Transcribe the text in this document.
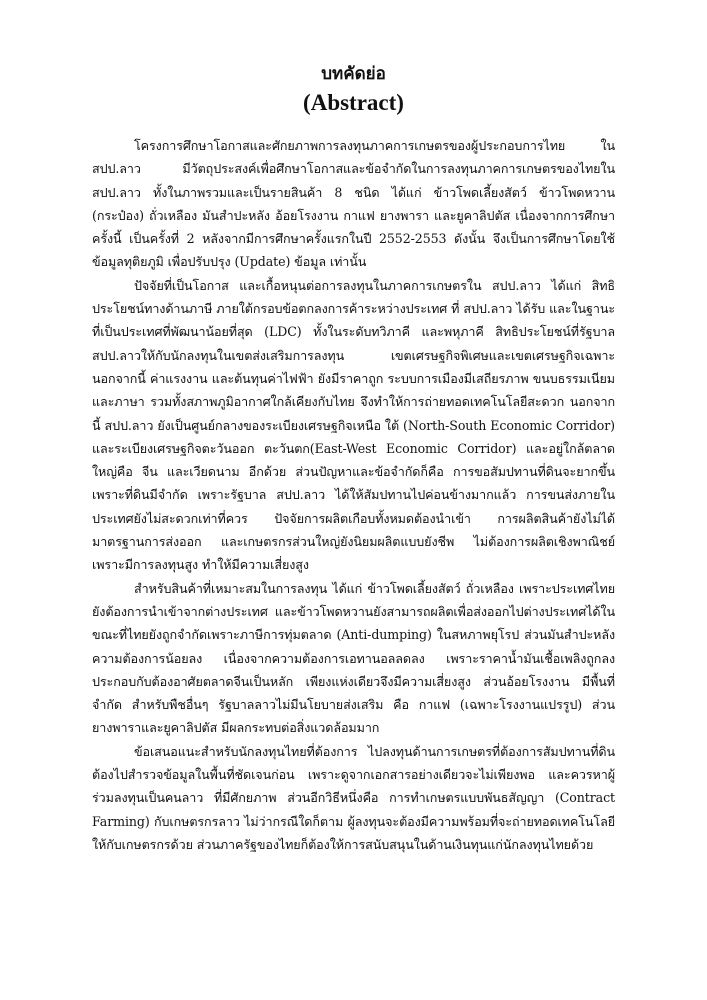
บทคัดย่อ
(Abstract)

โครงการศึกษาโอกาสและศักยภาพการลงทุนภาคการเกษตรของผู้ประกอบการไทย ในสปป.ลาว มีวัตถุประสงค์เพื่อศึกษาโอกาสและข้อจำกัดในการลงทุนภาคการเกษตรของไทยใน สปป.ลาว ทั้งในภาพรวมและเป็นรายสินค้า 8 ชนิด ได้แก่ ข้าวโพดเลี้ยงสัตว์ ข้าวโพดหวาน (กระป๋อง) ถั่วเหลือง มันสำปะหลัง อ้อยโรงงาน กาแฟ ยางพารา และยูคาลิปตัส เนื่องจากการศึกษาครั้งนี้ เป็นครั้งที่ 2 หลังจากมีการศึกษาครั้งแรกในปี 2552-2553 ดังนั้น จึงเป็นการศึกษาโดยใช้ข้อมูลทุติยภูมิ เพื่อปรับปรุง (Update) ข้อมูล เท่านั้น

ปัจจัยที่เป็นโอกาส และเกื้อหนุนต่อการลงทุนในภาคการเกษตรใน สปป.ลาว ได้แก่ สิทธิประโยชน์ทางด้านภาษี ภายใต้กรอบข้อตกลงการค้าระหว่างประเทศ ที่ สปป.ลาว ได้รับ และในฐานะที่เป็นประเทศที่พัฒนาน้อยที่สุด (LDC) ทั้งในระดับทวิภาคี และพหุภาคี สิทธิประโยชน์ที่รัฐบาล สปป.ลาวให้กับนักลงทุนในเขตส่งเสริมการลงทุน เขตเศรษฐกิจพิเศษและเขตเศรษฐกิจเฉพาะ นอกจากนี้ ค่าแรงงาน และต้นทุนค่าไฟฟ้า ยังมีราคาถูก ระบบการเมืองมีเสถียรภาพ ขนบธรรมเนียมและภาษา รวมทั้งสภาพภูมิอากาศใกล้เคียงกับไทย จึงทำให้การถ่ายทอดเทคโนโลยีสะดวก นอกจากนี้ สปป.ลาว ยังเป็นศูนย์กลางของระเบียงเศรษฐกิจเหนือ ใต้ (North-South Economic Corridor) และระเบียงเศรษฐกิจตะวันออก ตะวันตก(East-West Economic Corridor) และอยู่ใกล้ตลาดใหญ่คือ จีน และเวียดนาม อีกด้วย ส่วนปัญหาและข้อจำกัดก็คือ การขอสัมปทานที่ดินจะยากขึ้น เพราะที่ดินมีจำกัด เพราะรัฐบาล สปป.ลาว ได้ให้สัมปทานไปค่อนข้างมากแล้ว การขนส่งภายในประเทศยังไม่สะดวกเท่าที่ควร ปัจจัยการผลิตเกือบทั้งหมดต้องนำเข้า การผลิตสินค้ายังไม่ได้มาตรฐานการส่งออก และเกษตรกรส่วนใหญ่ยังนิยมผลิตแบบยังชีพ ไม่ต้องการผลิตเชิงพาณิชย์ เพราะมีการลงทุนสูง ทำให้มีความเสี่ยงสูง

สำหรับสินค้าที่เหมาะสมในการลงทุน ได้แก่ ข้าวโพดเลี้ยงสัตว์ ถั่วเหลือง เพราะประเทศไทยยังต้องการนำเข้าจากต่างประเทศ และข้าวโพดหวานยังสามารถผลิตเพื่อส่งออกไปต่างประเทศได้ในขณะที่ไทยยังถูกจำกัดเพราะภาษีการทุ่มตลาด (Anti-dumping) ในสหภาพยุโรป ส่วนมันสำปะหลัง ความต้องการน้อยลง เนื่องจากความต้องการเอทานอลลดลง เพราะราคาน้ำมันเชื้อเพลิงถูกลง ประกอบกับต้องอาศัยตลาดจีนเป็นหลัก เพียงแห่งเดียวจึงมีความเสี่ยงสูง ส่วนอ้อยโรงงาน มีพื้นที่จำกัด สำหรับพืชอื่นๆ รัฐบาลลาวไม่มีนโยบายส่งเสริม คือ กาแฟ (เฉพาะโรงงานแปรรูป) ส่วนยางพาราและยูคาลิปตัส มีผลกระทบต่อสิ่งแวดล้อมมาก

ข้อเสนอแนะสำหรับนักลงทุนไทยที่ต้องการ ไปลงทุนด้านการเกษตรที่ต้องการสัมปทานที่ดิน ต้องไปสำรวจข้อมูลในพื้นที่ชัดเจนก่อน เพราะดูจากเอกสารอย่างเดียวจะไม่เพียงพอ และควรหาผู้ร่วมลงทุนเป็นคนลาว ที่มีศักยภาพ ส่วนอีกวิธีหนึ่งคือ การทำเกษตรแบบพันธสัญญา (Contract Farming) กับเกษตรกรลาว ไม่ว่ากรณีใดก็ตาม ผู้ลงทุนจะต้องมีความพร้อมที่จะถ่ายทอดเทคโนโลยีให้กับเกษตรกรด้วย ส่วนภาครัฐของไทยก็ต้องให้การสนับสนุนในด้านเงินทุนแก่นักลงทุนไทยด้วย
